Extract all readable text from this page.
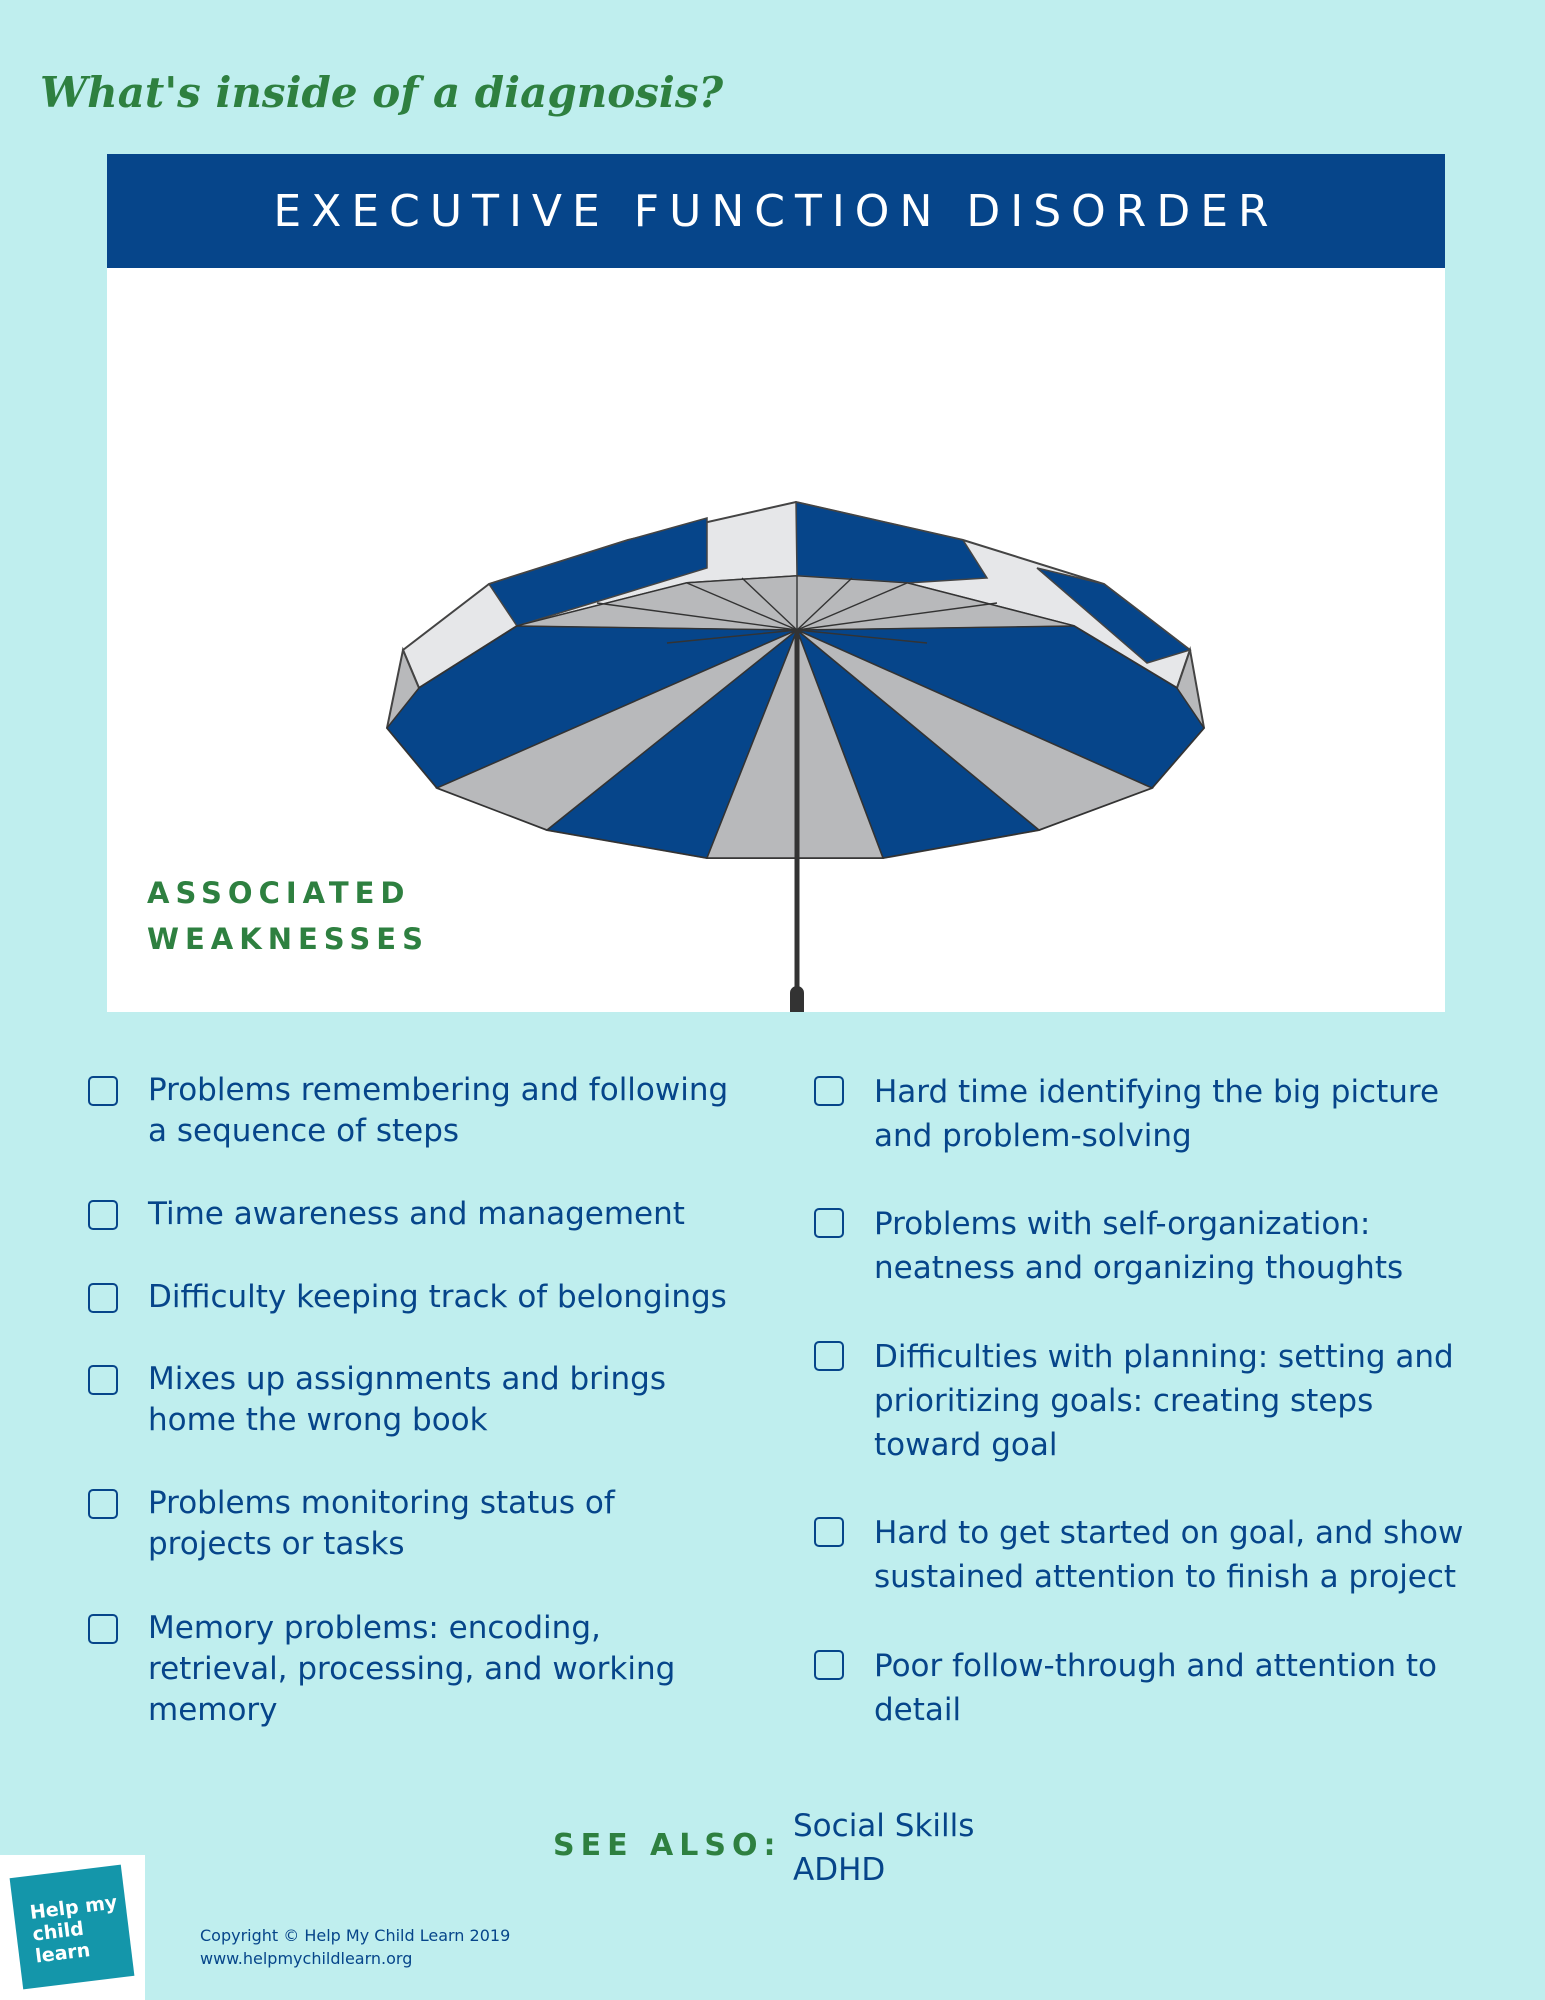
What's inside of a diagnosis?
EXECUTIVE FUNCTION DISORDER
ASSOCIATED
WEAKNESSES
Problems remembering and following a sequence of steps
Time awareness and management
Difficulty keeping track of belongings
Mixes up assignments and brings home the wrong book
Problems monitoring status of projects or tasks
Memory problems: encoding, retrieval, processing, and working memory
Hard time identifying the big picture and problem-solving
Problems with self-organization: neatness and organizing thoughts
Difficulties with planning: setting and prioritizing goals: creating steps toward goal
Hard to get started on goal, and show sustained attention to finish a project
Poor follow-through and attention to detail
SEE ALSO:
Social Skills
ADHD
Help my
child
learn
Copyright © Help My Child Learn 2019
www.helpmychildlearn.org
